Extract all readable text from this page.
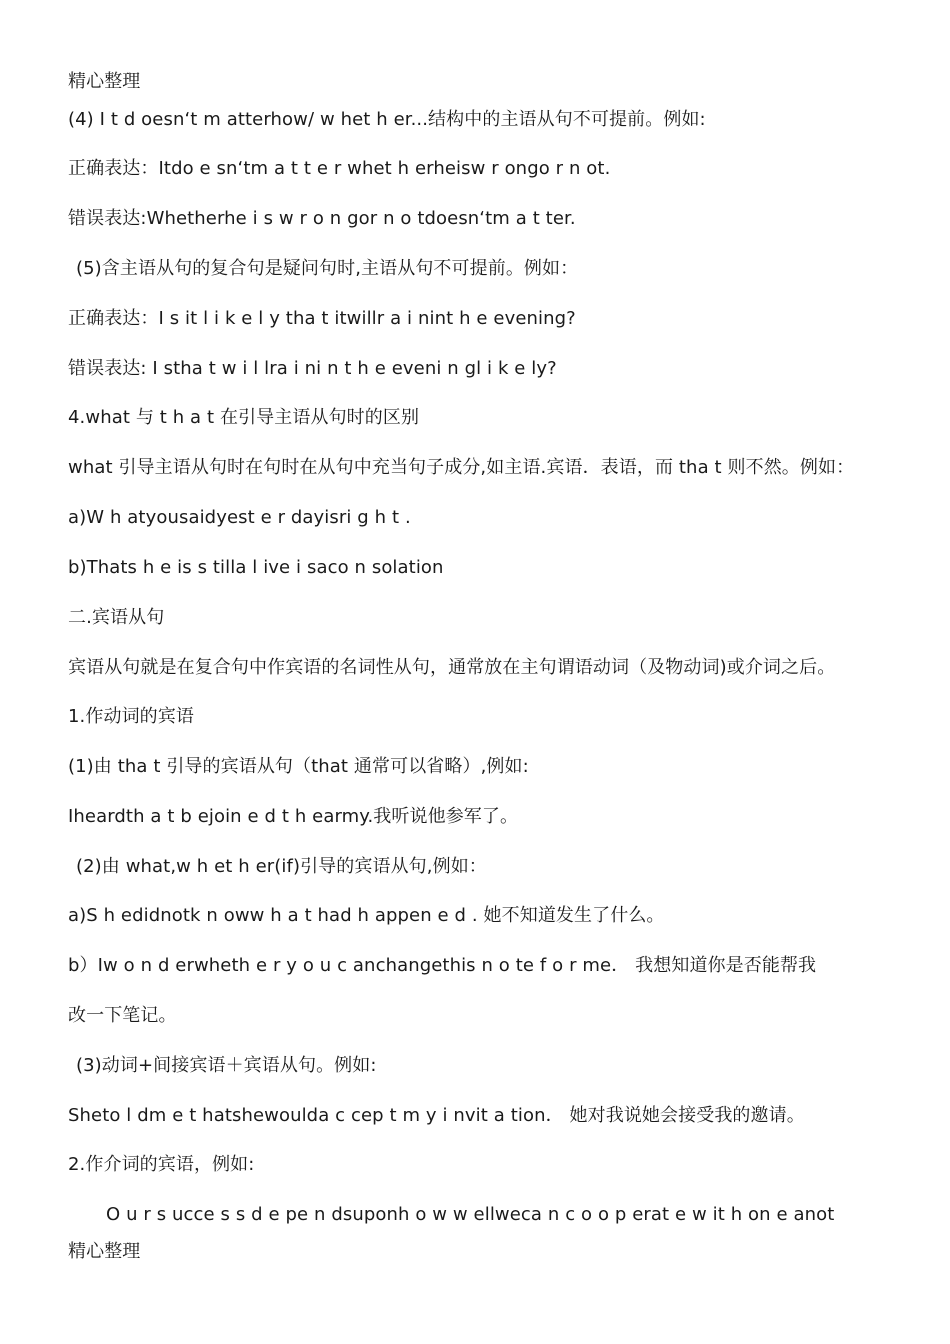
精心整理
(4) I t d oesn‘t m atterhow/ w het h er...结构中的主语从句不可提前。例如:
正确表达：Itdo e sn‘tm a t t e r whet h erheisw r ongo r n ot.
错误表达:Whetherhe i s w r o n gor n o tdoesn‘tm a t ter.
(5)含主语从句的复合句是疑问句时,主语从句不可提前。例如：
正确表达：I s it l i k e l y tha t itwillr a i nint h e evening?
错误表达: I stha t w i l lra i ni n t h e eveni n gl i k e ly?
4.what 与 t h a t 在引导主语从句时的区别
what 引导主语从句时在句时在从句中充当句子成分,如主语.宾语．表语，而 tha t 则不然。例如：
a)W h atyousaidyest e r dayisri g h t .
b)Thats h e is s tilla l ive i saco n solation
二.宾语从句
宾语从句就是在复合句中作宾语的名词性从句，通常放在主句谓语动词（及物动词)或介词之后。
1.作动词的宾语
(1)由 tha t 引导的宾语从句（that 通常可以省略）,例如:
Iheardth a t b ejoin e d t h earmy.我听说他参军了。
(2)由 what,w h et h er(if)引导的宾语从句,例如：
a)S h edidnotk n oww h a t had h appen e d . 她不知道发生了什么。
b）Iw o n d erwheth e r y o u c anchangethis n o te f o r me． 我想知道你是否能帮我
改一下笔记。
(3)动词+间接宾语＋宾语从句。例如:
Sheto l dm e t hatshewoulda c cep t m y i nvit a tion． 她对我说她会接受我的邀请。
2.作介词的宾语，例如:
O u r s ucce s s d e pe n dsuponh o w w ellweca n c o o p erat e w it h on e anot
精心整理
